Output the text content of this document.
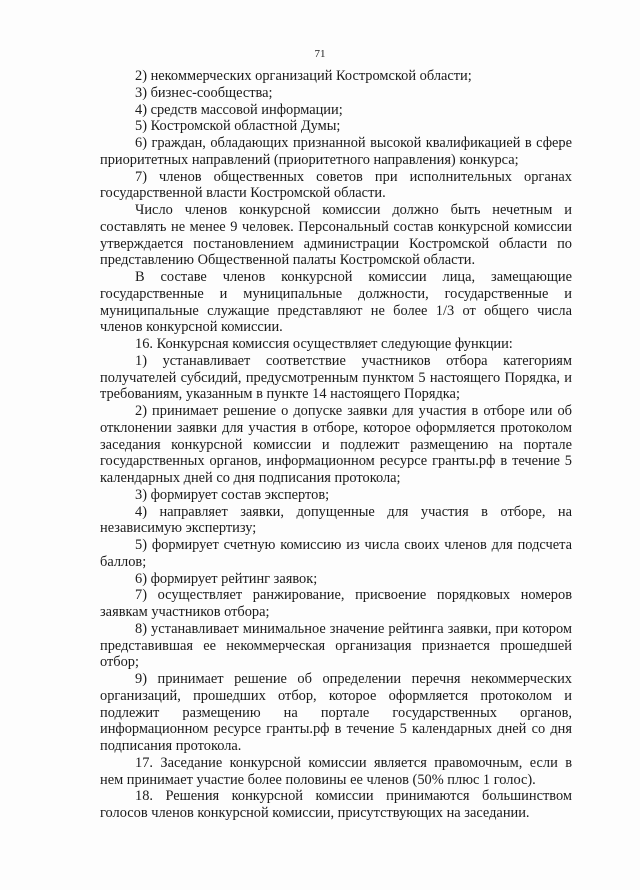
71

2) некоммерческих организаций Костромской области;

3) бизнес-сообщества;

4) средств массовой информации;

5) Костромской областной Думы;

6) граждан, обладающих признанной высокой квалификацией в сфере приоритетных направлений (приоритетного направления) конкурса;

7) членов общественных советов при исполнительных органах государственной власти Костромской области.

Число членов конкурсной комиссии должно быть нечетным и составлять не менее 9 человек. Персональный состав конкурсной комиссии утверждается постановлением администрации Костромской области по представлению Общественной палаты Костромской области.

В составе членов конкурсной комиссии лица, замещающие государственные и муниципальные должности, государственные и муниципальные служащие представляют не более 1/3 от общего числа членов конкурсной комиссии.

16. Конкурсная комиссия осуществляет следующие функции:

1) устанавливает соответствие участников отбора категориям получателей субсидий, предусмотренным пунктом 5 настоящего Порядка, и требованиям, указанным в пункте 14 настоящего Порядка;

2) принимает решение о допуске заявки для участия в отборе или об отклонении заявки для участия в отборе, которое оформляется протоколом заседания конкурсной комиссии и подлежит размещению на портале государственных органов, информационном ресурсе гранты.рф в течение 5 календарных дней со дня подписания протокола;

3) формирует состав экспертов;

4) направляет заявки, допущенные для участия в отборе, на независимую экспертизу;

5) формирует счетную комиссию из числа своих членов для подсчета баллов;

6) формирует рейтинг заявок;

7) осуществляет ранжирование, присвоение порядковых номеров заявкам участников отбора;

8) устанавливает минимальное значение рейтинга заявки, при котором представившая ее некоммерческая организация признается прошедшей отбор;

9) принимает решение об определении перечня некоммерческих организаций, прошедших отбор, которое оформляется протоколом и подлежит размещению на портале государственных органов, информационном ресурсе гранты.рф в течение 5 календарных дней со дня подписания протокола.

17. Заседание конкурсной комиссии является правомочным, если в нем принимает участие более половины ее членов (50% плюс 1 голос).

18. Решения конкурсной комиссии принимаются большинством голосов членов конкурсной комиссии, присутствующих на заседании.
